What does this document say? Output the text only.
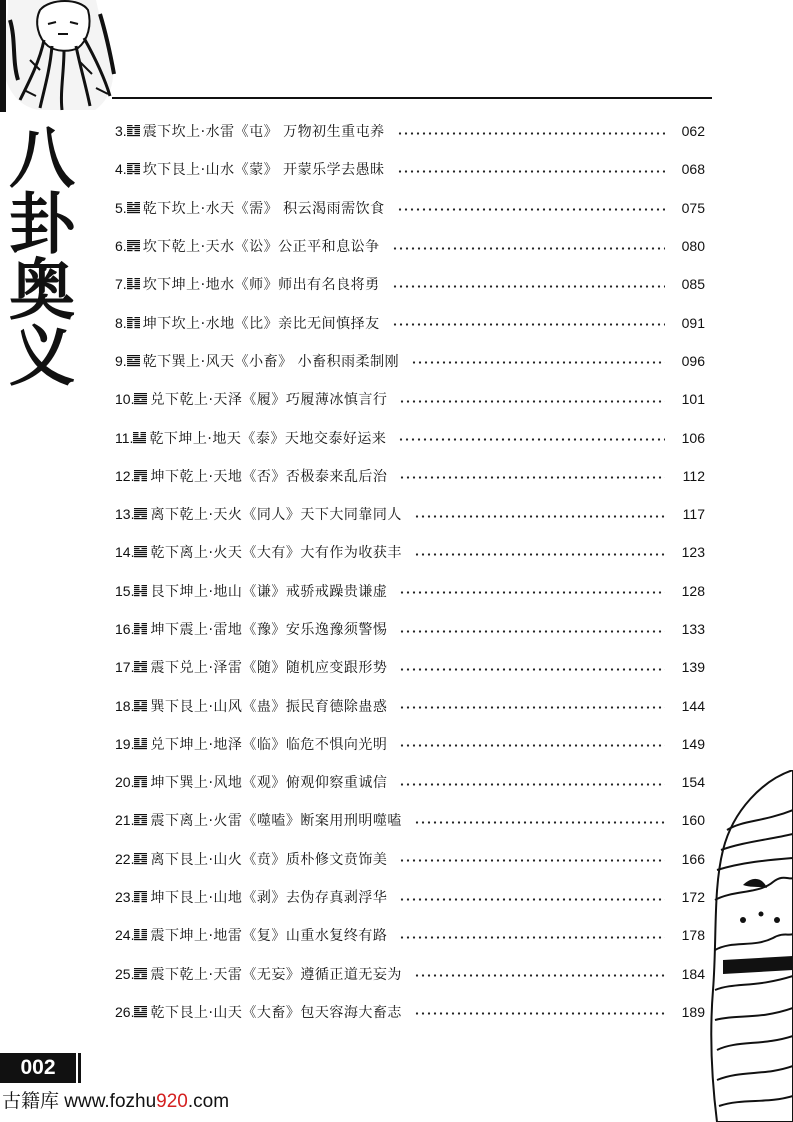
八
卦
奥
义
3. 震下坎上·水雷《屯》 万物初生重屯养	062
4. 坎下艮上·山水《蒙》 开蒙乐学去愚昧	068
5. 乾下坎上·水天《需》 积云渴雨需饮食	075
6. 坎下乾上·天水《讼》公正平和息讼争	080
7. 坎下坤上·地水《师》师出有名良将勇	085
8. 坤下坎上·水地《比》亲比无间慎择友	091
9. 乾下巽上·风天《小畜》 小畜积雨柔制刚	096
10. 兑下乾上·天泽《履》巧履薄冰慎言行	101
11. 乾下坤上·地天《泰》天地交泰好运来	106
12. 坤下乾上·天地《否》否极泰来乱后治	112
13. 离下乾上·天火《同人》天下大同靠同人	117
14. 乾下离上·火天《大有》大有作为收获丰	123
15. 艮下坤上·地山《谦》戒骄戒躁贵谦虚	128
16. 坤下震上·雷地《豫》安乐逸豫须警惕	133
17. 震下兑上·泽雷《随》随机应变跟形势	139
18. 巽下艮上·山风《蛊》振民育德除蛊惑	144
19. 兑下坤上·地泽《临》临危不惧向光明	149
20. 坤下巽上·风地《观》俯观仰察重诚信	154
21. 震下离上·火雷《噬嗑》断案用刑明噬嗑	160
22. 离下艮上·山火《贲》质朴修文贲饰美	166
23. 坤下艮上·山地《剥》去伪存真剥浮华	172
24. 震下坤上·地雷《复》山重水复终有路	178
25. 震下乾上·天雷《无妄》遵循正道无妄为	184
26. 乾下艮上·山天《大畜》包天容海大畜志	189
002
古籍库 www.fozhu920.com
